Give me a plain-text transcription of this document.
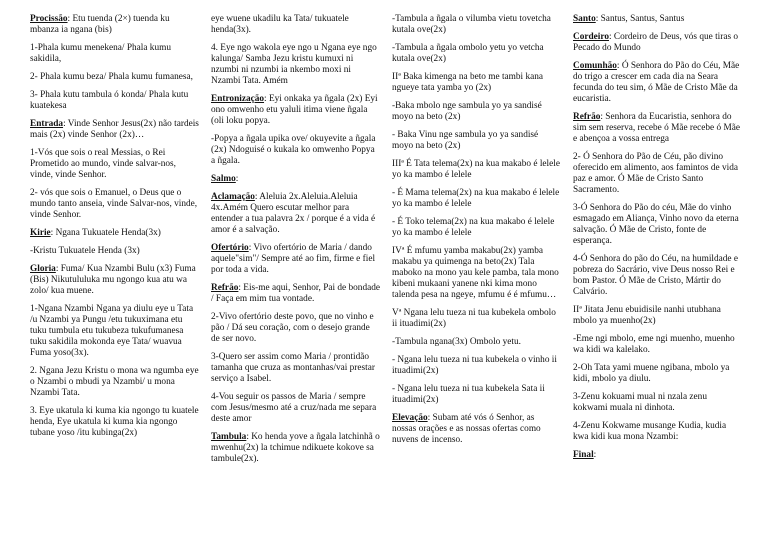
Procissão: Etu tuenda (2×) tuenda ku mbanza ia ngana (bis)

1-Phala kumu menekena/ Phala kumu sakidila,

2- Phala kumu beza/ Phala kumu fumanesa,

3- Phala kutu tambula ó konda/ Phala kutu kuatekesa

Entrada: Vinde Senhor Jesus(2x) não tardeis mais (2x) vinde Senhor (2x)…

1-Vós que sois o real Messias, o Rei Prometido ao mundo, vinde salvar-nos, vinde, vinde Senhor.

2- vós que sois o Emanuel, o Deus que o mundo tanto anseia, vinde Salvar-nos, vinde, vinde Senhor.

Kirie: Ngana Tukuatele Henda(3x)

-Kristu Tukuatele Henda (3x)

Gloria: Fuma/ Kua Nzambi Bulu (x3) Fuma (Bis) Nikutululuka mu ngongo kua atu wa zolo/ kua muene.

1-Ngana Nzambi Ngana ya diulu eye u Tata /u Nzambi ya Pungu /etu tukuximana etu tuku tumbula etu tukubeza tukufumanesa tuku sakidila mokonda eye Tata/ wuavua Fuma yoso(3x).

2. Ngana Jezu Kristu o mona wa ngumba eye o Nzambi o mbudi ya Nzambi/ u mona Nzambi Tata.

3. Eye ukatula ki kuma kia ngongo tu kuatele henda, Eye ukatula ki kuma kia ngongo tubane yoso /itu kubinga(2x)

eye wuene ukadilu ka Tata/ tukuatele henda(3x).

4. Eye ngo wakola eye ngo u Ngana eye ngo kalunga/ Samba Jezu kristu kumuxi ni nzumbi ni nzumbi ia nkembo moxi ni Nzambi Tata. Amém

Entronização: Eyi onkaka ya ñgala (2x) Eyi ono omwenho etu yaluli itima viene ñgala (oli loku popya.

-Popya a ñgala upika ove/ okuyevite a ñgala (2x) Ndoguisé o kukala ko omwenho Popya a ñgala.

Salmo:

Aclamação: Aleluia 2x.Aleluia.Aleluia 4x.Amém Quero escutar melhor para entender a tua palavra 2x / porque é a vida é amor é a salvação.

Ofertório: Vivo ofertório de Maria / dando aquele"sim"/ Sempre até ao fim, firme e fiel por toda a vida.

Refrão: Eis-me aqui, Senhor, Pai de bondade / Faça em mim tua vontade.

2-Vivo ofertório deste povo, que no vinho e pão / Dá seu coração, com o desejo grande de ser novo.

3-Quero ser assim como Maria / prontidão tamanha que cruza as montanhas/vai prestar serviço a Isabel.

4-Vou seguir os passos de Maria / sempre com Jesus/mesmo até a cruz/nada me separa deste amor

Tambula: Ko henda yove a ñgala latchinhã o mwenhu(2x) la tchimue ndikuete kokove sa tambule(2x).

-Tambula a ñgala o vilumba vietu tovetcha kutala ove(2x)

-Tambula a ñgala ombolo yetu yo vetcha kutala ove(2x)

IIª Baka kimenga na beto me tambi kana ngueye tata yamba yo (2x)

-Baka mbolo nge sambula yo ya sandisé moyo na beto (2x)

- Baka Vinu nge sambula yo ya sandisé moyo na beto (2x)

IIIª É Tata telema(2x) na kua makabo é lelele yo ka mambo é lelele

- É Mama telema(2x) na kua makabo é lelele yo ka mambo é lelele

- É Toko telema(2x) na kua makabo é lelele yo ka mambo é lelele

IVª É mfumu yamba makabu(2x) yamba makabu ya quimenga na beto(2x) Tala maboko na mono yau kele pamba, tala mono kibeni mukaani yanene nki kima mono talenda pesa na ngeye, mfumu é é mfumu…

Vª Ngana lelu tueza ni tua kubekela ombolo ii ituadimi(2x)

-Tambula ngana(3x) Ombolo yetu.

- Ngana lelu tueza ni tua kubekela o vinho ii ituadimi(2x)

- Ngana lelu tueza ni tua kubekela Sata ii ituadimi(2x)

Elevação: Subam até vós ó Senhor, as nossas orações e as nossas ofertas como nuvens de incenso.

Santo: Santus, Santus, Santus

Cordeiro: Cordeiro de Deus, vós que tiras o Pecado do Mundo

Comunhão: Ó Senhora do Pão do Céu, Mãe do trigo a crescer em cada dia na Seara fecunda do teu sim, ó Mãe de Cristo Mãe da eucaristia.

Refrão: Senhora da Eucaristia, senhora do sim sem reserva, recebe ó Mãe recebe ó Mãe e abençoa a vossa entrega

2- Ó Senhora do Pão de Céu, pão divino oferecido em alimento, aos famintos de vida paz e amor. Ó Mãe de Cristo Santo Sacramento.

3-Ó Senhora do Pão do céu, Mãe do vinho esmagado em Aliança, Vinho novo da eterna salvação. Ó Mãe de Cristo, fonte de esperança.

4-Ó Senhora do pão do Céu, na humildade e pobreza do Sacrário, vive Deus nosso Rei e bom Pastor. Ó Mãe de Cristo, Mártir do Calvário.

IIª Jitata Jenu ebuidisile nanhi utubhana mbolo ya muenho(2x)

-Eme ngi mbolo, eme ngi muenho, muenho wa kidi wa kalelako.

2-Oh Tata yami muene ngibana, mbolo ya kidi, mbolo ya diulu.

3-Zenu kokuami mual ni nzala zenu kokwami muala ni dinhota.

4-Zenu Kokwame musange Kudia, kudia kwa kidi kua mona Nzambi:

Final:
